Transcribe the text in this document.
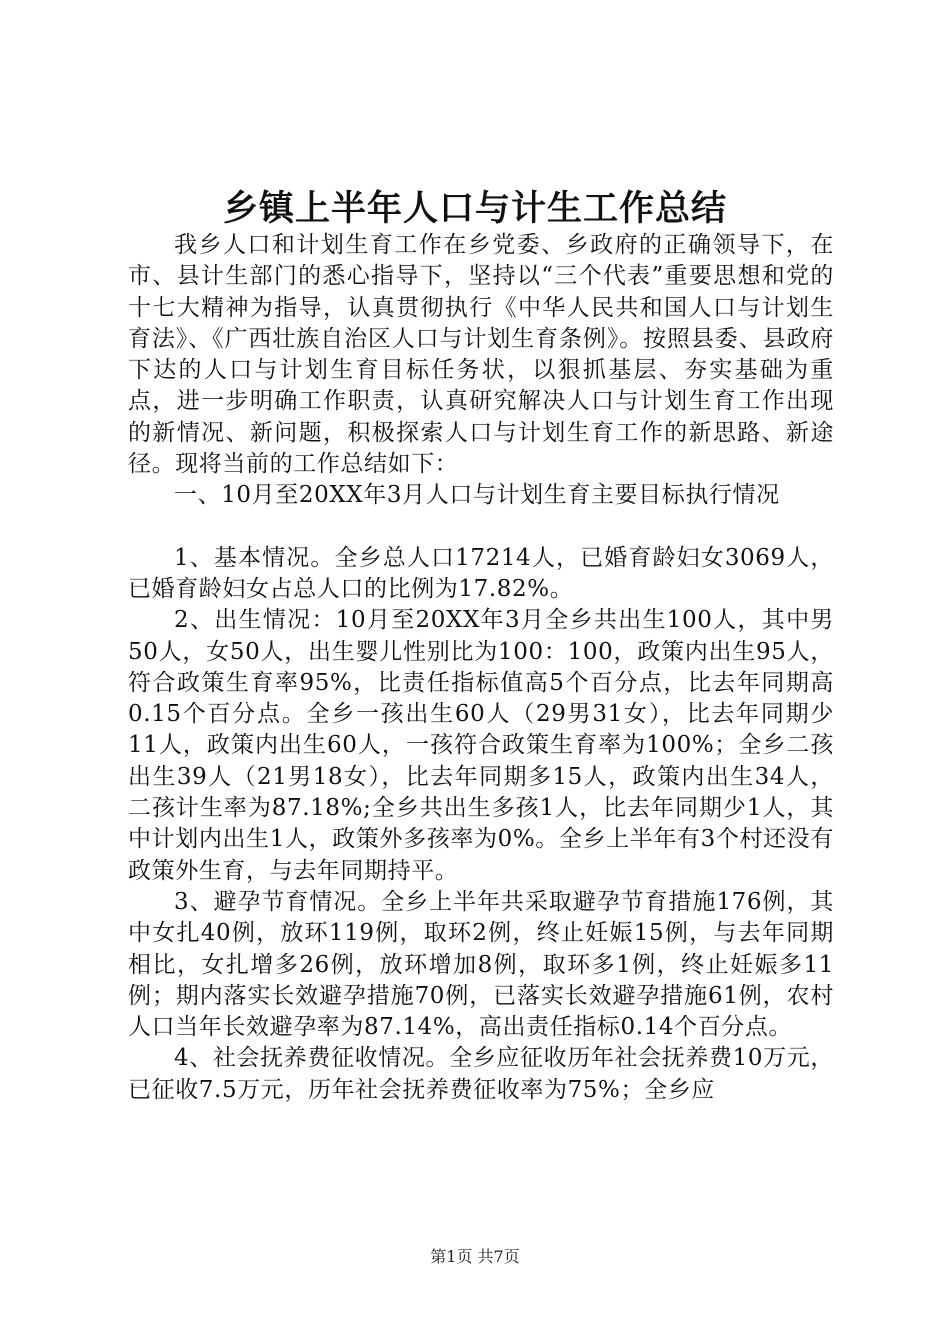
乡镇上半年人口与计生工作总结

我乡人口和计划生育工作在乡党委、乡政府的正确领导下，在市、县计生部门的悉心指导下，坚持以“三个代表”重要思想和党的十七大精神为指导，认真贯彻执行《中华人民共和国人口与计划生育法》、《广西壮族自治区人口与计划生育条例》。按照县委、县政府下达的人口与计划生育目标任务状，以狠抓基层、夯实基础为重点，进一步明确工作职责，认真研究解决人口与计划生育工作出现的新情况、新问题，积极探索人口与计划生育工作的新思路、新途径。现将当前的工作总结如下：

一、10月至20XX年3月人口与计划生育主要目标执行情况

1、基本情况。全乡总人口17214人，已婚育龄妇女3069人，已婚育龄妇女占总人口的比例为17.82%。

2、出生情况：10月至20XX年3月全乡共出生100人，其中男50人，女50人，出生婴儿性别比为100：100，政策内出生95人，符合政策生育率95%，比责任指标值高5个百分点，比去年同期高0.15个百分点。全乡一孩出生60人（29男31女），比去年同期少11人，政策内出生60人，一孩符合政策生育率为100%；全乡二孩出生39人（21男18女），比去年同期多15人，政策内出生34人，二孩计生率为87.18%;全乡共出生多孩1人，比去年同期少1人，其中计划内出生1人，政策外多孩率为0%。全乡上半年有3个村还没有政策外生育，与去年同期持平。

3、避孕节育情况。全乡上半年共采取避孕节育措施176例，其中女扎40例，放环119例，取环2例，终止妊娠15例，与去年同期相比，女扎增多26例，放环增加8例，取环多1例，终止妊娠多11例；期内落实长效避孕措施70例，已落实长效避孕措施61例，农村人口当年长效避孕率为87.14%，高出责任指标0.14个百分点。

4、社会抚养费征收情况。全乡应征收历年社会抚养费10万元，已征收7.5万元，历年社会抚养费征收率为75%；全乡应

第1页 共7页
